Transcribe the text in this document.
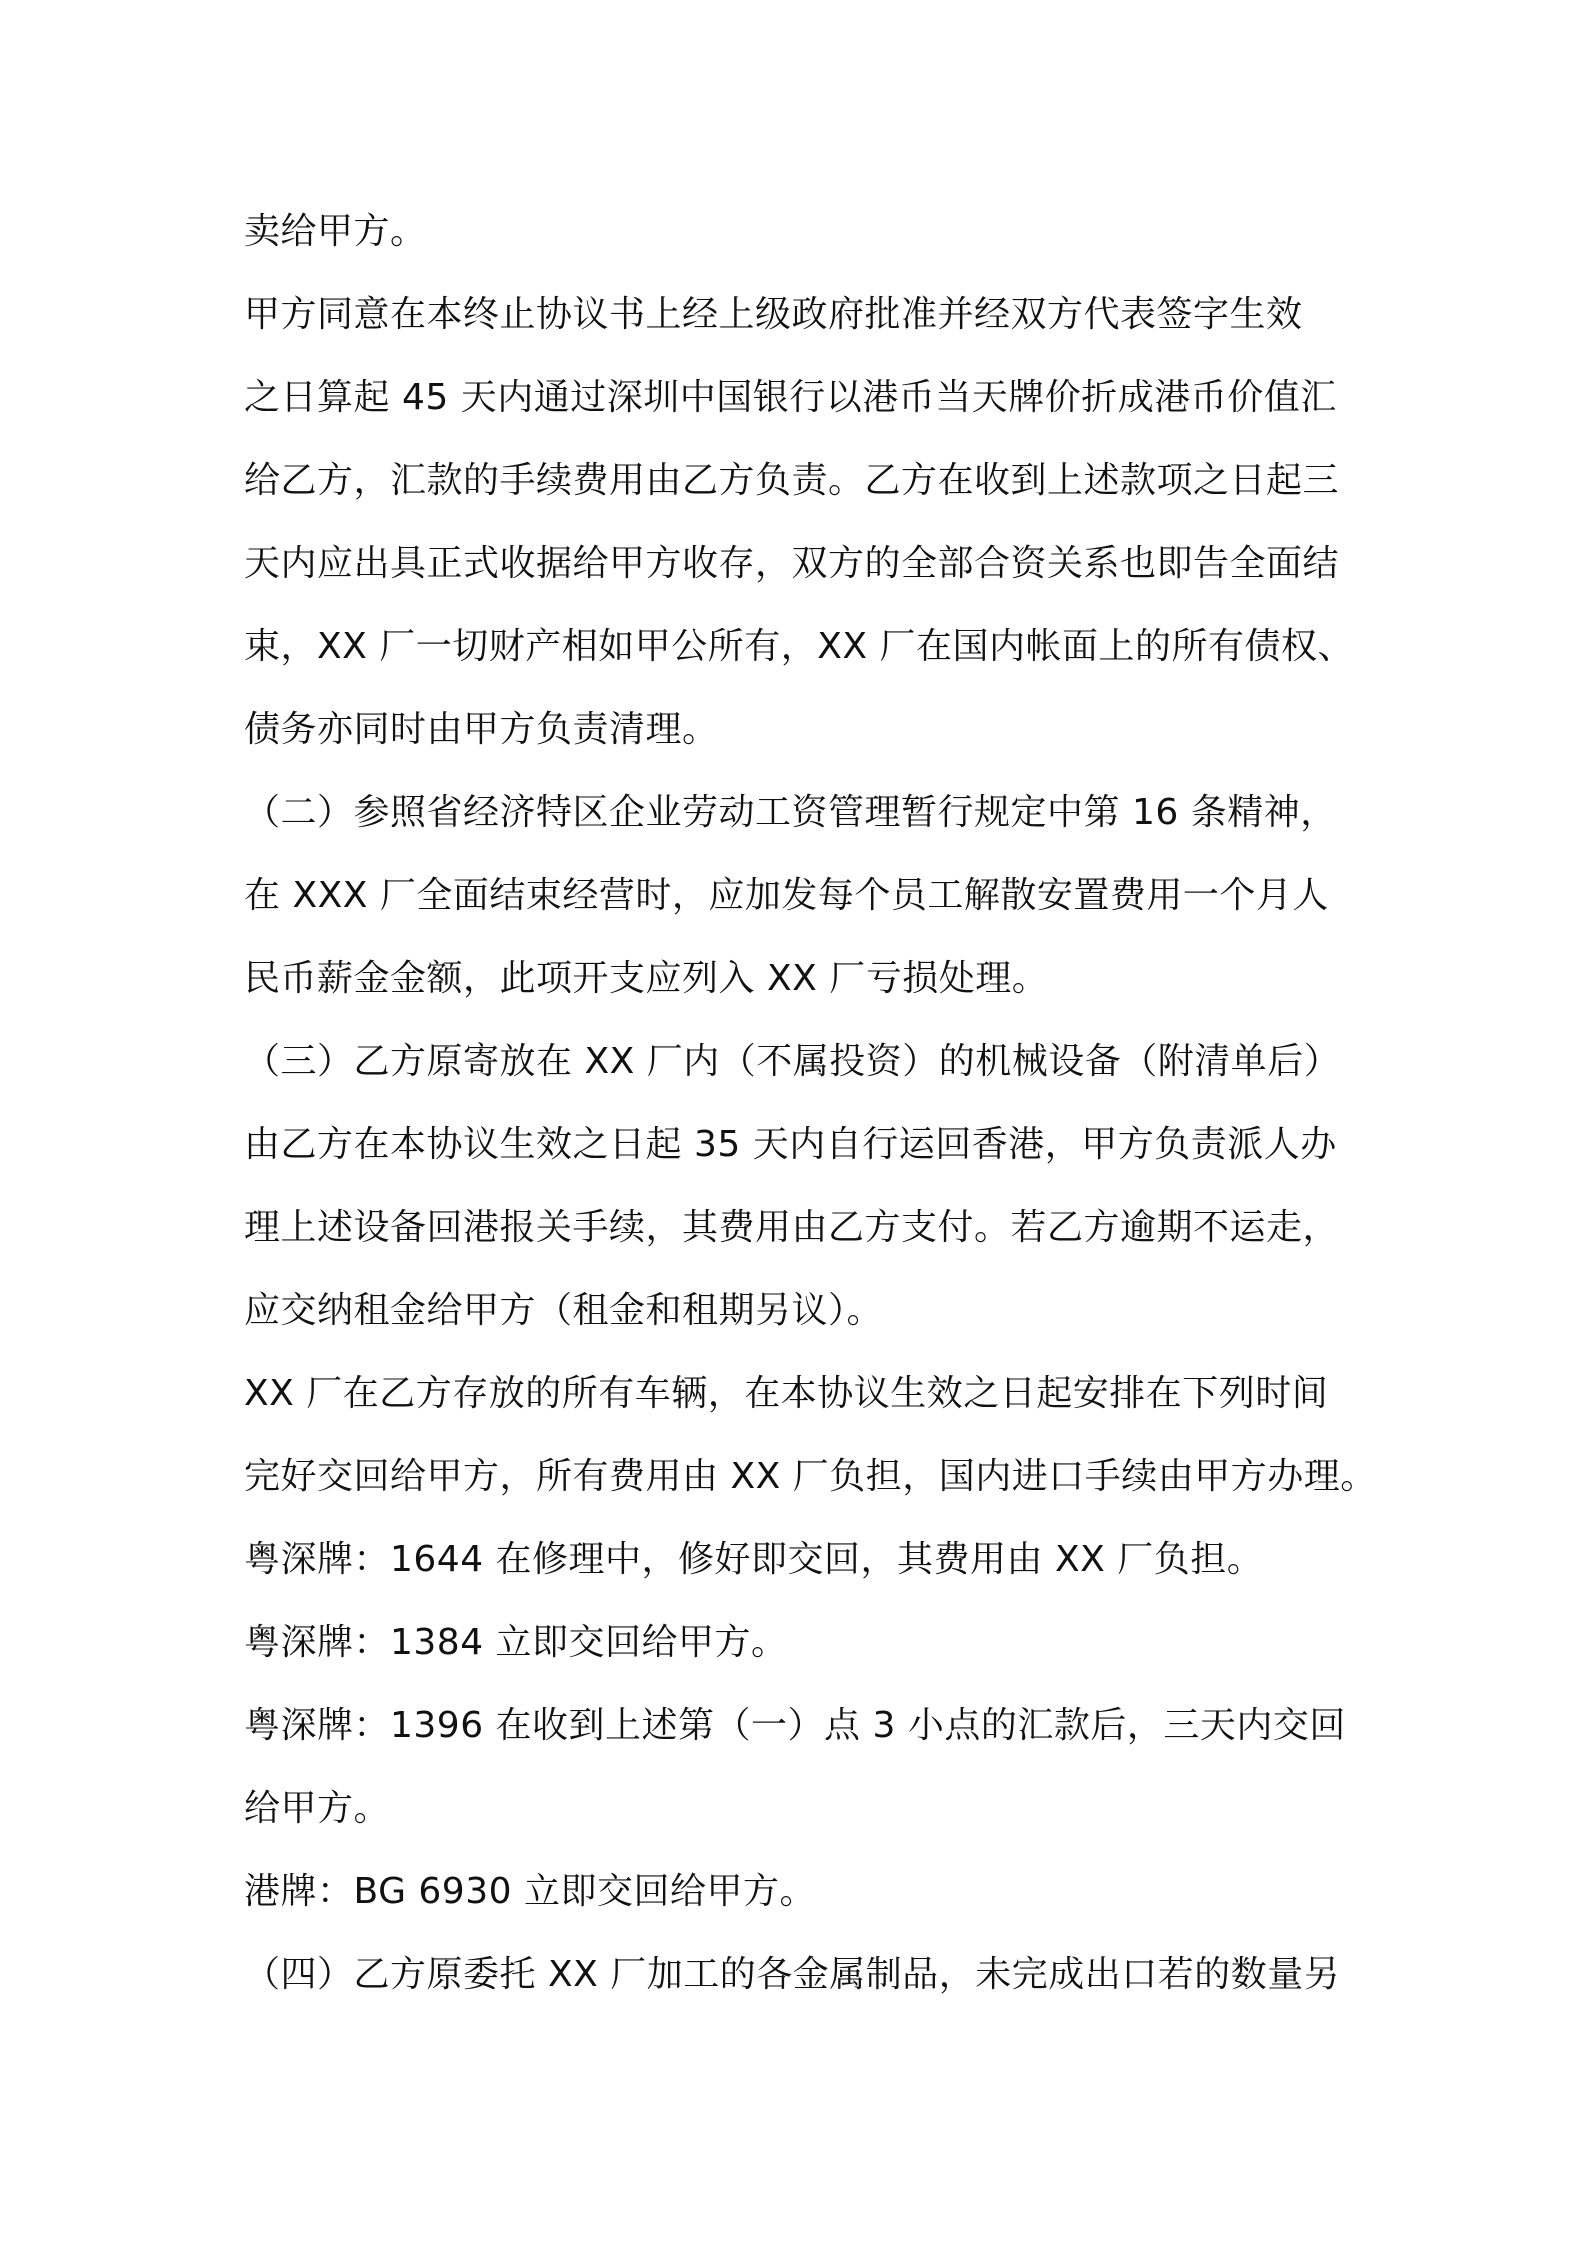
卖给甲方。
甲方同意在本终止协议书上经上级政府批准并经双方代表签字生效
之日算起 45 天内通过深圳中国银行以港币当天牌价折成港币价值汇
给乙方，汇款的手续费用由乙方负责。乙方在收到上述款项之日起三
天内应出具正式收据给甲方收存，双方的全部合资关系也即告全面结
束，XX 厂一切财产相如甲公所有，XX 厂在国内帐面上的所有债权、
债务亦同时由甲方负责清理。
（二）参照省经济特区企业劳动工资管理暂行规定中第 16 条精神，
在 XXX 厂全面结束经营时，应加发每个员工解散安置费用一个月人
民币薪金金额，此项开支应列入 XX 厂亏损处理。
（三）乙方原寄放在 XX 厂内（不属投资）的机械设备（附清单后）
由乙方在本协议生效之日起 35 天内自行运回香港，甲方负责派人办
理上述设备回港报关手续，其费用由乙方支付。若乙方逾期不运走，
应交纳租金给甲方（租金和租期另议）。
XX 厂在乙方存放的所有车辆，在本协议生效之日起安排在下列时间
完好交回给甲方，所有费用由 XX 厂负担，国内进口手续由甲方办理。
粤深牌：1644 在修理中，修好即交回，其费用由 XX 厂负担。
粤深牌：1384 立即交回给甲方。
粤深牌：1396 在收到上述第（一）点 3 小点的汇款后，三天内交回
给甲方。
港牌：BG 6930 立即交回给甲方。
（四）乙方原委托 XX 厂加工的各金属制品，未完成出口若的数量另
